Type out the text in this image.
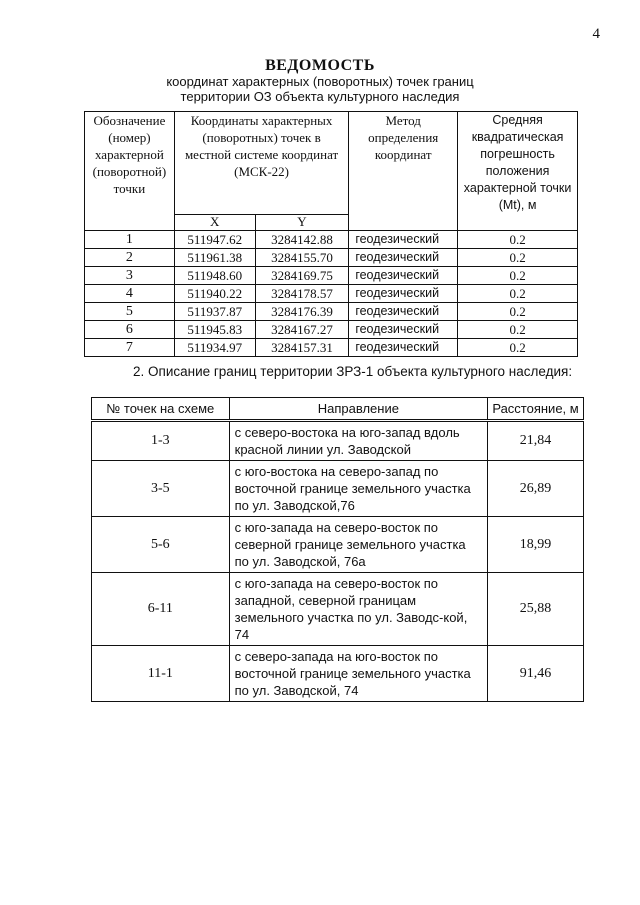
4
ВЕДОМОСТЬ
координат характерных (поворотных) точек границ
территории ОЗ объекта культурного наследия
Обозначение (номер) характерной (поворотной) точки	Координаты характерных (поворотных) точек в местной системе координат (МСК-22)		Метод определения координат	Средняя квадратическая погрешность положения характерной точки (Mt), м
	X	Y		
1	511947.62	3284142.88	геодезический	0.2
2	511961.38	3284155.70	геодезический	0.2
3	511948.60	3284169.75	геодезический	0.2
4	511940.22	3284178.57	геодезический	0.2
5	511937.87	3284176.39	геодезический	0.2
6	511945.83	3284167.27	геодезический	0.2
7	511934.97	3284157.31	геодезический	0.2
2. Описание границ территории ЗРЗ-1 объекта культурного наследия:
№ точек на схеме	Направление	Расстояние, м
1-3	с северо-востока на юго-запад вдоль красной линии ул. Заводской	21,84
3-5	с юго-востока на северо-запад по восточной границе земельного участка по ул. Заводской,76	26,89
5-6	с юго-запада на северо-восток по северной границе земельного участка по ул. Заводской, 76а	18,99
6-11	с юго-запада на северо-восток по западной, северной границам земельного участка по ул. Заводс-кой, 74	25,88
11-1	с северо-запада на юго-восток по восточной границе земельного участка по ул. Заводской, 74	91,46
